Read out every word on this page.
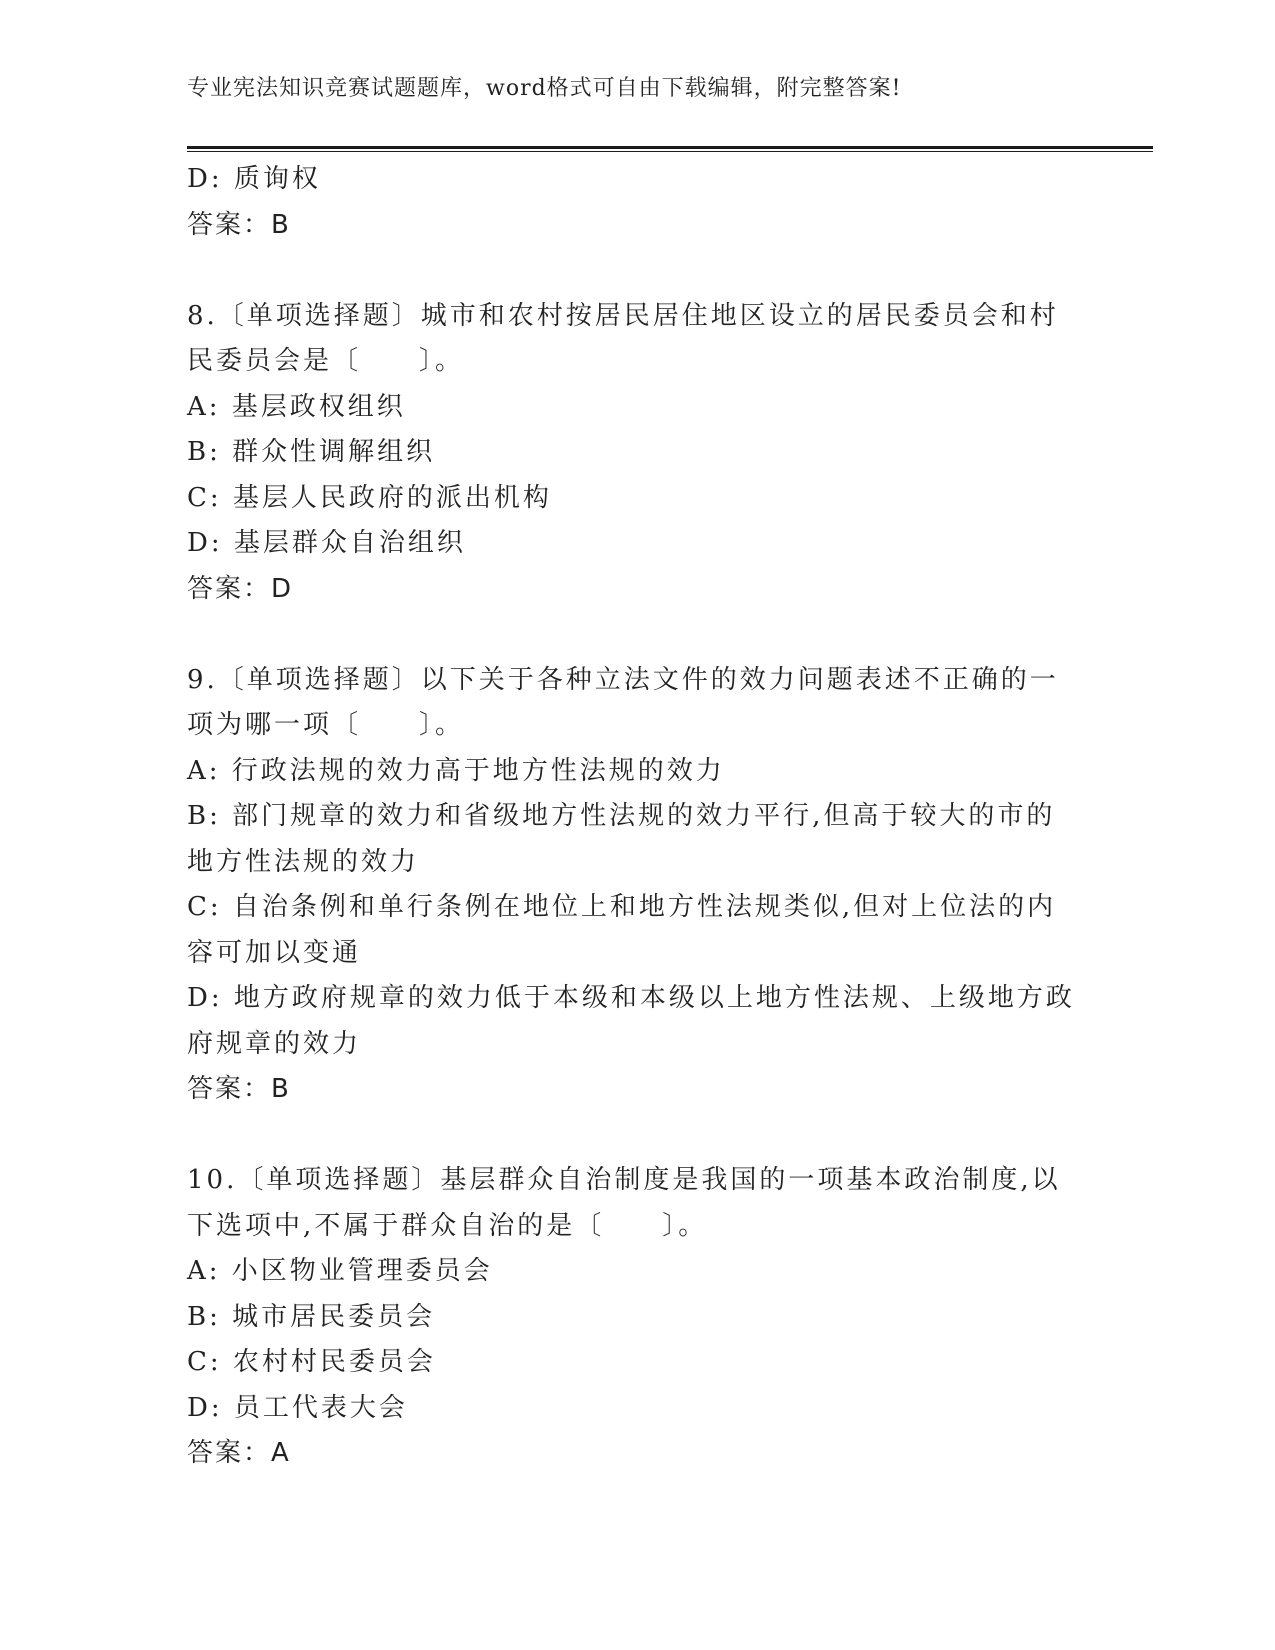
专业宪法知识竞赛试题题库，word格式可自由下载编辑，附完整答案!
D: 质询权
答案：B
8.〔单项选择题〕城市和农村按居民居住地区设立的居民委员会和村
民委员会是〔　　〕。
A: 基层政权组织
B: 群众性调解组织
C: 基层人民政府的派出机构
D: 基层群众自治组织
答案：D
9.〔单项选择题〕以下关于各种立法文件的效力问题表述不正确的一
项为哪一项〔　　〕。
A: 行政法规的效力高于地方性法规的效力
B: 部门规章的效力和省级地方性法规的效力平行,但高于较大的市的
地方性法规的效力
C: 自治条例和单行条例在地位上和地方性法规类似,但对上位法的内
容可加以变通
D: 地方政府规章的效力低于本级和本级以上地方性法规、上级地方政
府规章的效力
答案：B
10.〔单项选择题〕基层群众自治制度是我国的一项基本政治制度,以
下选项中,不属于群众自治的是〔　　〕。
A: 小区物业管理委员会
B: 城市居民委员会
C: 农村村民委员会
D: 员工代表大会
答案：A
